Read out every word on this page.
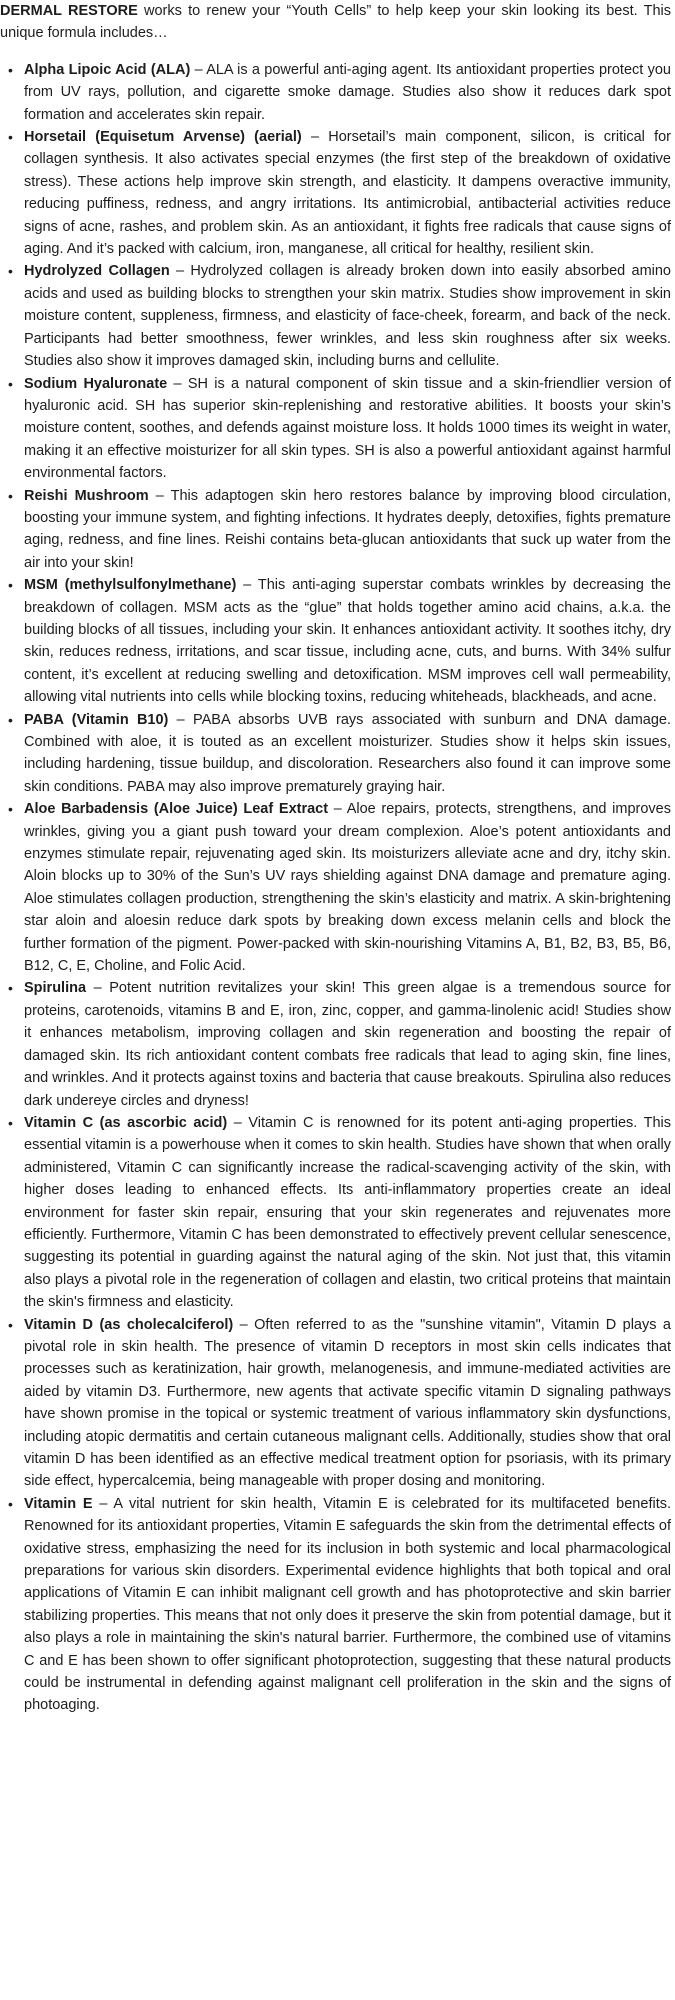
DERMAL RESTORE works to renew your “Youth Cells” to help keep your skin looking its best. This unique formula includes…

• Alpha Lipoic Acid (ALA) – ALA is a powerful anti-aging agent. Its antioxidant properties protect you from UV rays, pollution, and cigarette smoke damage. Studies also show it reduces dark spot formation and accelerates skin repair.
• Horsetail (Equisetum Arvense) (aerial) – Horsetail’s main component, silicon, is critical for collagen synthesis. It also activates special enzymes (the first step of the breakdown of oxidative stress). These actions help improve skin strength, and elasticity. It dampens overactive immunity, reducing puffiness, redness, and angry irritations. Its antimicrobial, antibacterial activities reduce signs of acne, rashes, and problem skin. As an antioxidant, it fights free radicals that cause signs of aging. And it’s packed with calcium, iron, manganese, all critical for healthy, resilient skin.
• Hydrolyzed Collagen – Hydrolyzed collagen is already broken down into easily absorbed amino acids and used as building blocks to strengthen your skin matrix. Studies show improvement in skin moisture content, suppleness, firmness, and elasticity of face-cheek, forearm, and back of the neck. Participants had better smoothness, fewer wrinkles, and less skin roughness after six weeks. Studies also show it improves damaged skin, including burns and cellulite.
• Sodium Hyaluronate – SH is a natural component of skin tissue and a skin-friendlier version of hyaluronic acid. SH has superior skin-replenishing and restorative abilities. It boosts your skin’s moisture content, soothes, and defends against moisture loss. It holds 1000 times its weight in water, making it an effective moisturizer for all skin types. SH is also a powerful antioxidant against harmful environmental factors.
• Reishi Mushroom – This adaptogen skin hero restores balance by improving blood circulation, boosting your immune system, and fighting infections. It hydrates deeply, detoxifies, fights premature aging, redness, and fine lines. Reishi contains beta-glucan antioxidants that suck up water from the air into your skin!
• MSM (methylsulfonylmethane) – This anti-aging superstar combats wrinkles by decreasing the breakdown of collagen. MSM acts as the “glue” that holds together amino acid chains, a.k.a. the building blocks of all tissues, including your skin. It enhances antioxidant activity. It soothes itchy, dry skin, reduces redness, irritations, and scar tissue, including acne, cuts, and burns. With 34% sulfur content, it’s excellent at reducing swelling and detoxification. MSM improves cell wall permeability, allowing vital nutrients into cells while blocking toxins, reducing whiteheads, blackheads, and acne.
• PABA (Vitamin B10) – PABA absorbs UVB rays associated with sunburn and DNA damage. Combined with aloe, it is touted as an excellent moisturizer. Studies show it helps skin issues, including hardening, tissue buildup, and discoloration. Researchers also found it can improve some skin conditions. PABA may also improve prematurely graying hair.
• Aloe Barbadensis (Aloe Juice) Leaf Extract – Aloe repairs, protects, strengthens, and improves wrinkles, giving you a giant push toward your dream complexion. Aloe’s potent antioxidants and enzymes stimulate repair, rejuvenating aged skin. Its moisturizers alleviate acne and dry, itchy skin. Aloin blocks up to 30% of the Sun’s UV rays shielding against DNA damage and premature aging. Aloe stimulates collagen production, strengthening the skin’s elasticity and matrix. A skin-brightening star aloin and aloesin reduce dark spots by breaking down excess melanin cells and block the further formation of the pigment. Power-packed with skin-nourishing Vitamins A, B1, B2, B3, B5, B6, B12, C, E, Choline, and Folic Acid.
• Spirulina – Potent nutrition revitalizes your skin! This green algae is a tremendous source for proteins, carotenoids, vitamins B and E, iron, zinc, copper, and gamma-linolenic acid! Studies show it enhances metabolism, improving collagen and skin regeneration and boosting the repair of damaged skin. Its rich antioxidant content combats free radicals that lead to aging skin, fine lines, and wrinkles. And it protects against toxins and bacteria that cause breakouts. Spirulina also reduces dark undereye circles and dryness!
• Vitamin C (as ascorbic acid) – Vitamin C is renowned for its potent anti-aging properties. This essential vitamin is a powerhouse when it comes to skin health. Studies have shown that when orally administered, Vitamin C can significantly increase the radical-scavenging activity of the skin, with higher doses leading to enhanced effects. Its anti-inflammatory properties create an ideal environment for faster skin repair, ensuring that your skin regenerates and rejuvenates more efficiently. Furthermore, Vitamin C has been demonstrated to effectively prevent cellular senescence, suggesting its potential in guarding against the natural aging of the skin. Not just that, this vitamin also plays a pivotal role in the regeneration of collagen and elastin, two critical proteins that maintain the skin's firmness and elasticity.
• Vitamin D (as cholecalciferol) – Often referred to as the "sunshine vitamin", Vitamin D plays a pivotal role in skin health. The presence of vitamin D receptors in most skin cells indicates that processes such as keratinization, hair growth, melanogenesis, and immune-mediated activities are aided by vitamin D3. Furthermore, new agents that activate specific vitamin D signaling pathways have shown promise in the topical or systemic treatment of various inflammatory skin dysfunctions, including atopic dermatitis and certain cutaneous malignant cells. Additionally, studies show that oral vitamin D has been identified as an effective medical treatment option for psoriasis, with its primary side effect, hypercalcemia, being manageable with proper dosing and monitoring.
• Vitamin E – A vital nutrient for skin health, Vitamin E is celebrated for its multifaceted benefits. Renowned for its antioxidant properties, Vitamin E safeguards the skin from the detrimental effects of oxidative stress, emphasizing the need for its inclusion in both systemic and local pharmacological preparations for various skin disorders. Experimental evidence highlights that both topical and oral applications of Vitamin E can inhibit malignant cell growth and has photoprotective and skin barrier stabilizing properties. This means that not only does it preserve the skin from potential damage, but it also plays a role in maintaining the skin's natural barrier. Furthermore, the combined use of vitamins C and E has been shown to offer significant photoprotection, suggesting that these natural products could be instrumental in defending against malignant cell proliferation in the skin and the signs of photoaging.
